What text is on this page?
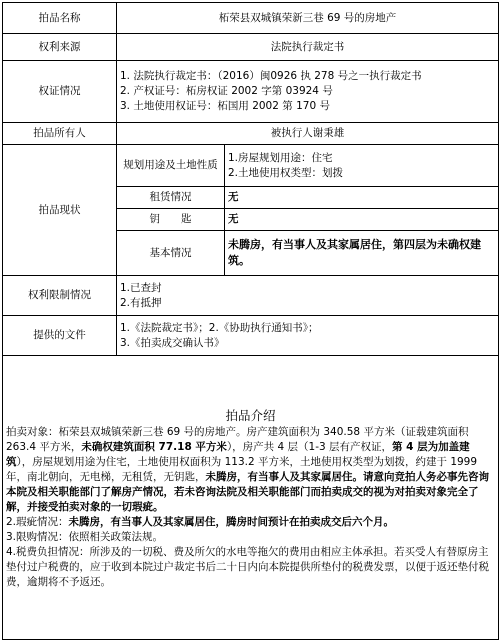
拍品名称	柘荣县双城镇荣新三巷 69 号的房地产	
权利来源	法院执行裁定书	
权证情况	1. 法院执行裁定书：（2016）闽0926 执 278 号之一执行裁定书
2. 产权证号：柘房权证 2002 字第 03924 号
3. 土地使用权证号：柘国用 2002 第 170 号	

拍品所有人	被执行人谢秉雄	
拍品现状	规划用途及土地性质	1.房屋规划用途：住宅
2.土地使用权类型：划拨

	租赁情况	无
	钥　　匙	无
	基本情况	未腾房，有当事人及其家属居住，第四层为未确权建筑。
权利限制情况	1.已查封
2.有抵押	

提供的文件	1.《法院裁定书》；2.《协助执行通知书》；
3.《拍卖成交确认书》	

拍品介绍

拍卖对象：柘荣县双城镇荣新三巷 69 号的房地产。房产建筑面积为 340.58 平方米（证载建筑面积 263.4 平方米，未确权建筑面积 77.18 平方米），房产共 4 层（1-3 层有产权证，第 4 层为加盖建筑），房屋规划用途为住宅，土地使用权面积为 113.2 平方米，土地使用权类型为划拨，约建于 1999 年，南北朝向，无电梯，无租赁，无钥匙，未腾房，有当事人及其家属居住。请意向竞拍人务必事先咨询本院及相关职能部门了解房产情况，若未咨询法院及相关职能部门而拍卖成交的视为对拍卖对象完全了解，并接受拍卖对象的一切瑕疵。

2.瑕疵情况：未腾房，有当事人及其家属居住，腾房时间预计在拍卖成交后六个月。

3.限购情况：依照相关政策法规。

4.税费负担情况：所涉及的一切税、费及所欠的水电等拖欠的费用由相应主体承担。若买受人有替原房主垫付过户税费的，应于收到本院过户裁定书后二十日内向本院提供所垫付的税费发票，以便于返还垫付税费，逾期将不予返还。		
